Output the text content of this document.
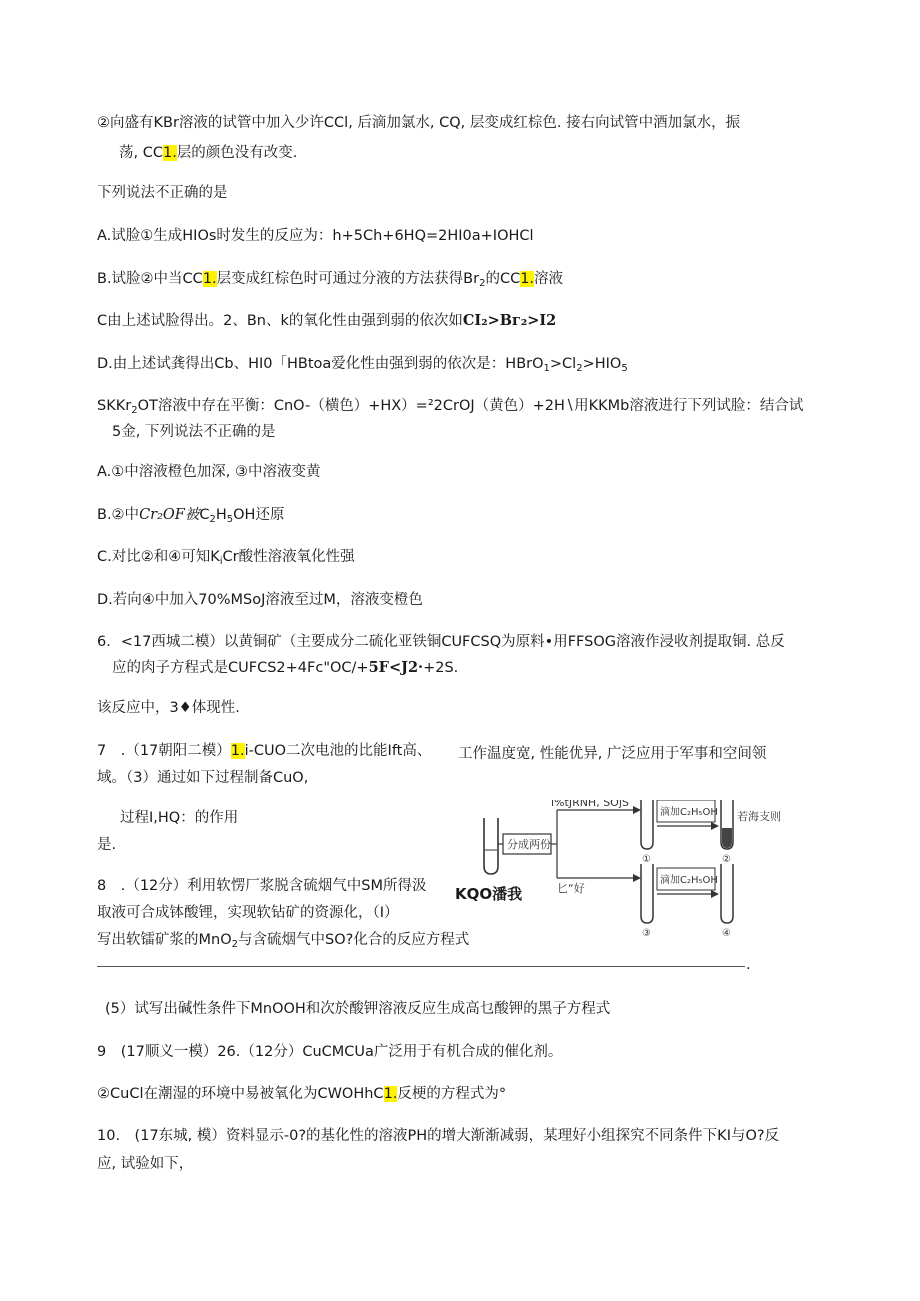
②向盛有KBr溶液的试管中加入少许CCl, 后滴加氯水, CQ, 层变成红棕色. 接右向试管中酒加氯水，振
荡, CC1.层的颜色没有改变.
下列说法不正确的是
A.试脸①生成HIOs时发生的反应为：h+5Ch+6HQ=2HI0a+IOHCl
B.试脸②中当CC1.层变成红棕色时可通过分液的方法获得$Br_2$的CC1.溶液
C由上述试脸得出。2、Bn、k的氧化性由强到弱的依次如CI₂>Bг₂>I2
D.由上述试龚得出Cb、HI0「HBtoa爱化性由强到弱的依次是：$HBrO_1>Cl_2>HIO_5$
SKKr$_2$OT溶液中存在平衡：CnO-（横色）+HX）=²2CrOJ（黄色）+2H∖用KKMb溶液进行下列试脸：结合试
5金, 下列说法不正确的是
A.①中溶液橙色加深, ③中溶液变黄
B.②中Cr₂OF被$C_2H_5OH$还原
C.对比②和④可知$K_iCr$酸性溶液氧化性强
D.若向④中加入70%MSoJ溶液至过M，溶液变橙色
6．<17西城二模）以黄铜矿（主要成分二硫化亚铁铜CUFCSQ为原料•用FFSOG溶液作浸收剂提取铜. 总反
应的肉子方程式是CUFCS2+4Fc"OC/+5F<J2·+2S.
该反应中，3♦体现性.
7　.（17朝阳二模）1.i-CUO二次电池的比能Ift高、 工作温度宽, 性能优异, 广泛应用于军事和空间领
域。（3）通过如下过程制备CuO,
过程I,HQ：的作用
是.
8　.（12分）利用软愣厂浆脱含硫烟气中SM所得汲
取液可合成钵酸锂，实现软钻矿的资源化，（I）
写出软镭矿浆的MnO$_2$与含硫烟气中SO?化合的反应方程式
.
(5）试写出碱性条件下MnOOH和次於酸钾溶液反应生成高乜酸钾的黑子方程式
9　(17顺义一模）26.（12分）CuCMCUa广泛用于有机合成的催化剂。
②CuCl在潮湿的环境中易被氧化为CWOHhC1.反梗的方程式为°
10.　(17东城, 模）资料显示-0?的基化性的溶液PH的增大渐渐减弱，某理好小组探究不同条件下KI与O?反
应, 试验如下，
分成两份
i%tJRNH, SOjS
匕“好
①
滴加C₂H₅OH
②
若海支则
③
滴加C₂H₅OH
④
KQO潘我
